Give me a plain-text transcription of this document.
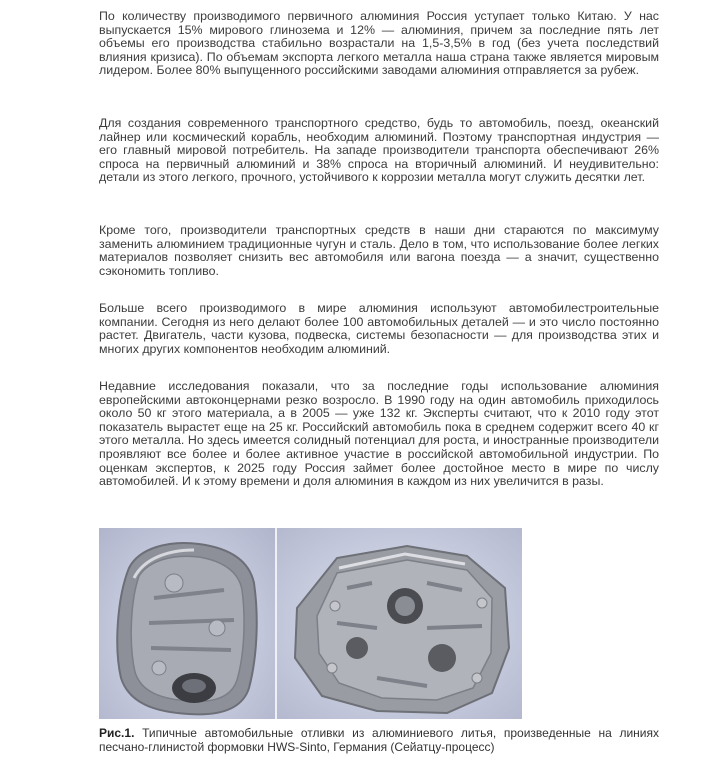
По количеству производимого первичного алюминия Россия уступает только Китаю. У нас выпускается 15% мирового глинозема и 12% — алюминия, причем за последние пять лет объемы его производства стабильно возрастали на 1,5-3,5% в год (без учета последствий влияния кризиса). По объемам экспорта легкого металла наша страна также является мировым лидером. Более 80% выпущенного российскими заводами алюминия отправляется за рубеж.

Для создания современного транспортного средство, будь то автомобиль, поезд, океанский лайнер или космический корабль, необходим алюминий. Поэтому транспортная индустрия — его главный мировой потребитель. На западе производители транспорта обеспечивают 26% спроса на первичный алюминий и 38% спроса на вторичный алюминий. И неудивительно: детали из этого легкого, прочного, устойчивого к коррозии металла могут служить десятки лет.

Кроме того, производители транспортных средств в наши дни стараются по максимуму заменить алюминием традиционные чугун и сталь. Дело в том, что использование более легких материалов позволяет снизить вес автомобиля или вагона поезда — а значит, существенно сэкономить топливо.

Больше всего производимого в мире алюминия используют автомобилестроительные компании. Сегодня из него делают более 100 автомобильных деталей — и это число постоянно растет. Двигатель, части кузова, подвеска, системы безопасности — для производства этих и многих других компонентов необходим алюминий.

Недавние исследования показали, что за последние годы использование алюминия европейскими автоконцернами резко возросло. В 1990 году на один автомобиль приходилось около 50 кг этого материала, а в 2005 — уже 132 кг. Эксперты считают, что к 2010 году этот показатель вырастет еще на 25 кг. Российский автомобиль пока в среднем содержит всего 40 кг этого металла. Но здесь имеется солидный потенциал для роста, и иностранные производители проявляют все более и более активное участие в российской автомобильной индустрии. По оценкам экспертов, к 2025 году Россия займет более достойное место в мире по числу автомобилей. И к этому времени и доля алюминия в каждом из них увеличится в разы.

Рис.1. Типичные автомобильные отливки из алюминиевого литья, произведенные на линиях песчано-глинистой формовки HWS-Sinto, Германия (Сейатцу-процесс)
